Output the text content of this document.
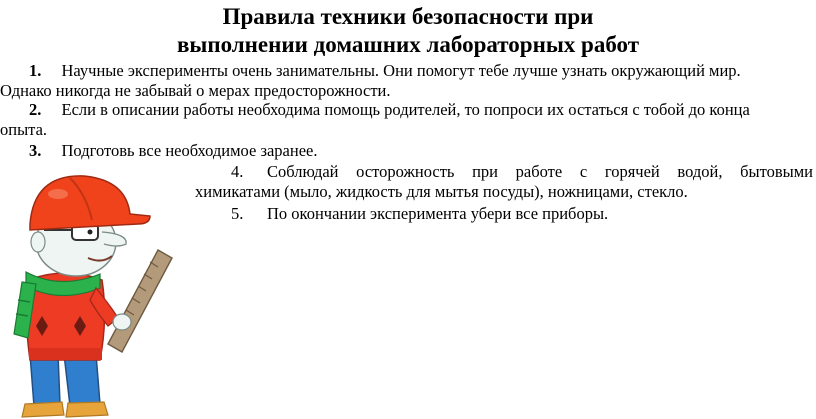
Правила техники безопасности при
выполнении домашних лабораторных работ
1. Научные эксперименты очень занимательны. Они помогут тебе лучше узнать окружающий мир.
Однако никогда не забывай о мерах предосторожности.
2. Если в описании работы необходима помощь родителей, то попроси их остаться с тобой до конца
опыта.
3. Подготовь все необходимое заранее.
4.	Соблюдай осторожность при работе с горячей водой, бытовыми
химикатами (мыло, жидкость для мытья посуды), ножницами, стекло.
5.	По окончании эксперимента убери все приборы.
